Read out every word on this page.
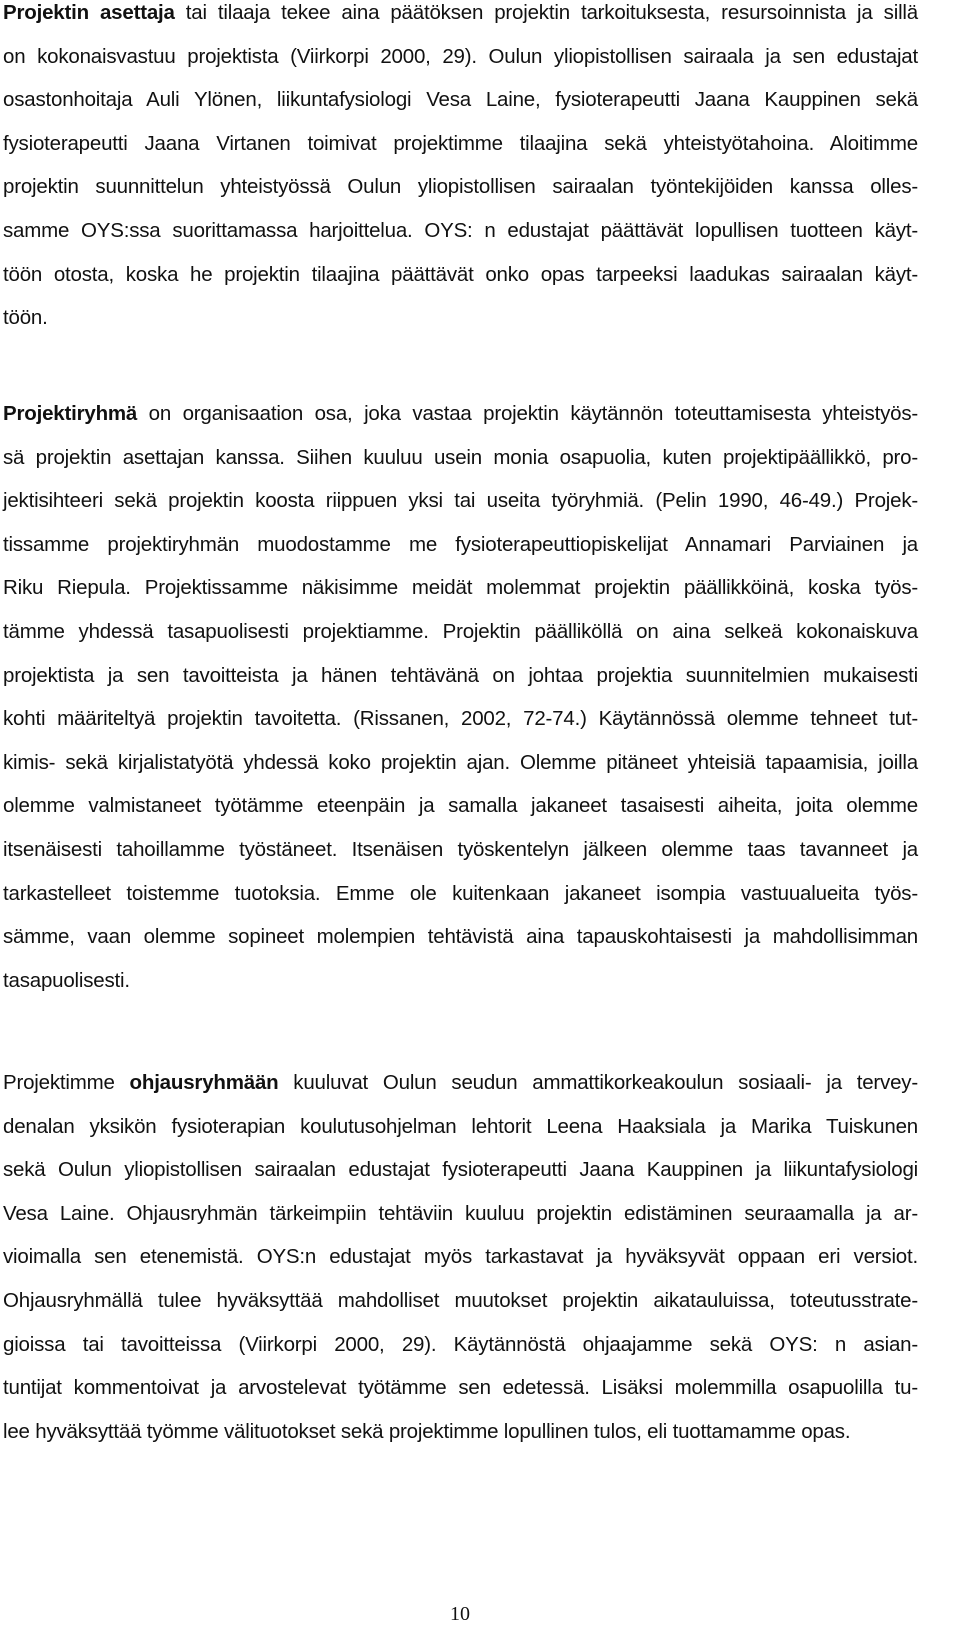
Projektin asettaja tai tilaaja tekee aina päätöksen projektin tarkoituksesta, resursoinnista ja sillä
on kokonaisvastuu projektista (Viirkorpi 2000, 29). Oulun yliopistollisen sairaala ja sen edustajat
osastonhoitaja Auli Ylönen, liikuntafysiologi Vesa Laine, fysioterapeutti Jaana Kauppinen sekä
fysioterapeutti Jaana Virtanen toimivat projektimme tilaajina sekä yhteistyötahoina. Aloitimme
projektin suunnittelun yhteistyössä Oulun yliopistollisen sairaalan työntekijöiden kanssa olles-
samme OYS:ssa suorittamassa harjoittelua. OYS: n edustajat päättävät lopullisen tuotteen käyt-
töön otosta, koska he projektin tilaajina päättävät onko opas tarpeeksi laadukas sairaalan käyt-
töön.
Projektiryhmä on organisaation osa, joka vastaa projektin käytännön toteuttamisesta yhteistyös-
sä projektin asettajan kanssa. Siihen kuuluu usein monia osapuolia, kuten projektipäällikkö, pro-
jektisihteeri sekä projektin koosta riippuen yksi tai useita työryhmiä. (Pelin 1990, 46-49.) Projek-
tissamme projektiryhmän muodostamme me fysioterapeuttiopiskelijat Annamari Parviainen ja
Riku Riepula. Projektissamme näkisimme meidät molemmat projektin päällikköinä, koska työs-
tämme yhdessä tasapuolisesti projektiamme. Projektin päälliköllä on aina selkeä kokonaiskuva
projektista ja sen tavoitteista ja hänen tehtävänä on johtaa projektia suunnitelmien mukaisesti
kohti määriteltyä projektin tavoitetta. (Rissanen, 2002, 72-74.) Käytännössä olemme tehneet tut-
kimis- sekä kirjalistatyötä yhdessä koko projektin ajan. Olemme pitäneet yhteisiä tapaamisia, joilla
olemme valmistaneet työtämme eteenpäin ja samalla jakaneet tasaisesti aiheita, joita olemme
itsenäisesti tahoillamme työstäneet. Itsenäisen työskentelyn jälkeen olemme taas tavanneet ja
tarkastelleet toistemme tuotoksia. Emme ole kuitenkaan jakaneet isompia vastuualueita työs-
sämme, vaan olemme sopineet molempien tehtävistä aina tapauskohtaisesti ja mahdollisimman
tasapuolisesti.
Projektimme ohjausryhmään kuuluvat Oulun seudun ammattikorkeakoulun sosiaali- ja tervey-
denalan yksikön fysioterapian koulutusohjelman lehtorit Leena Haaksiala ja Marika Tuiskunen
sekä Oulun yliopistollisen sairaalan edustajat fysioterapeutti Jaana Kauppinen ja liikuntafysiologi
Vesa Laine. Ohjausryhmän tärkeimpiin tehtäviin kuuluu projektin edistäminen seuraamalla ja ar-
vioimalla sen etenemistä. OYS:n edustajat myös tarkastavat ja hyväksyvät oppaan eri versiot.
Ohjausryhmällä tulee hyväksyttää mahdolliset muutokset projektin aikatauluissa, toteutusstrate-
gioissa tai tavoitteissa (Viirkorpi 2000, 29). Käytännöstä ohjaajamme sekä OYS: n asian-
tuntijat kommentoivat ja arvostelevat työtämme sen edetessä. Lisäksi molemmilla osapuolilla tu-
lee hyväksyttää työmme välituotokset sekä projektimme lopullinen tulos, eli tuottamamme opas.
10
